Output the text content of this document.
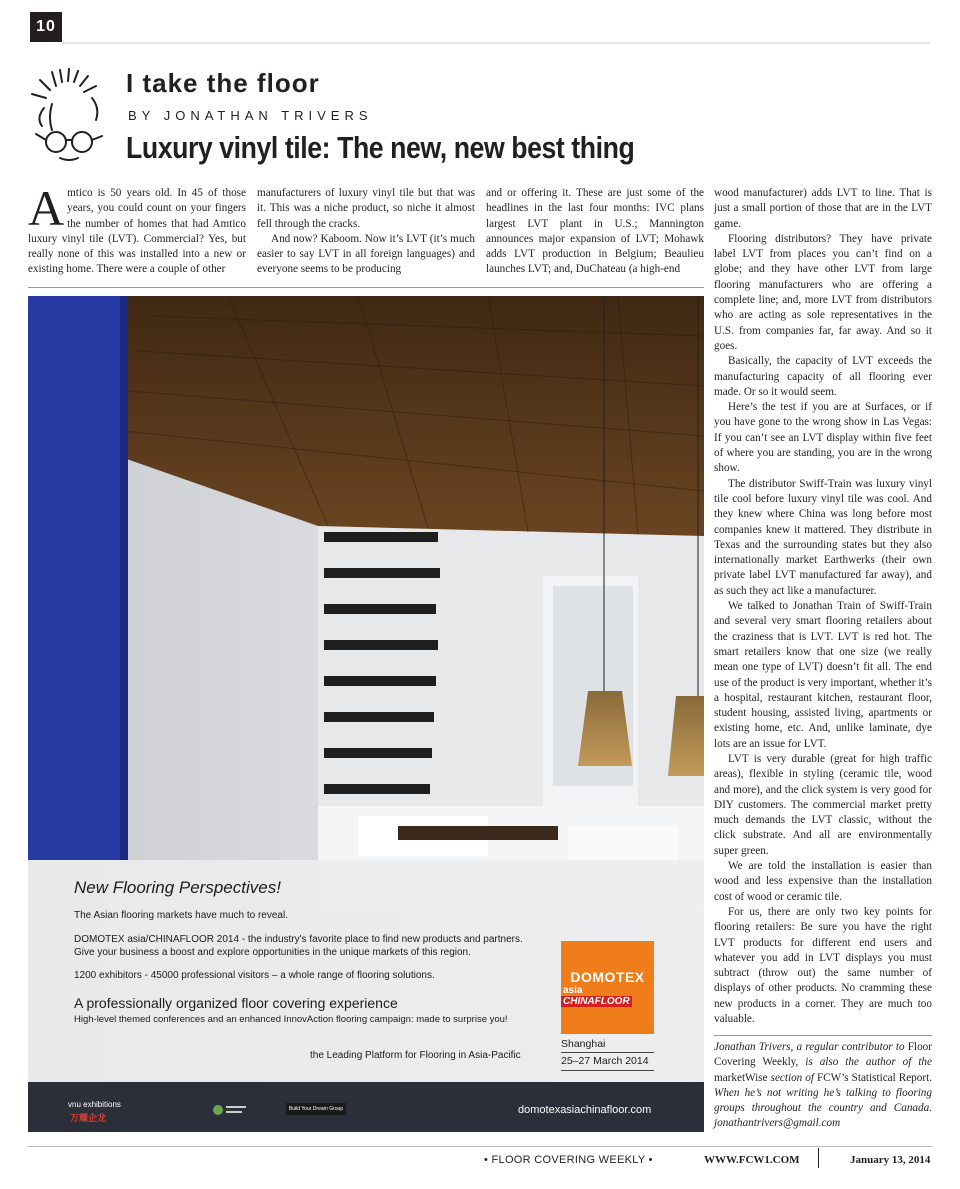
10
I take the floor
BY JONATHAN TRIVERS
Luxury vinyl tile: The new, new best thing

Amtico is 50 years old. In 45 of those years, you could count on your fingers the number of homes that had Amtico luxury vinyl tile (LVT). Commercial? Yes, but really none of this was installed into a new or existing home. There were a couple of other

manufacturers of luxury vinyl tile but that was it. This was a niche product, so niche it almost fell through the cracks.

And now? Kaboom. Now it’s LVT (it’s much easier to say LVT in all foreign languages) and everyone seems to be producing

and or offering it. These are just some of the headlines in the last four months: IVC plans largest LVT plant in U.S.; Mannington announces major expansion of LVT; Mohawk adds LVT production in Belgium; Beaulieu launches LVT; and, DuChateau (a high-end

wood manufacturer) adds LVT to line. That is just a small portion of those that are in the LVT game.

Flooring distributors? They have private label LVT from places you can’t find on a globe; and they have other LVT from large flooring manufacturers who are offering a complete line; and, more LVT from distributors who are acting as sole representatives in the U.S. from companies far, far away. And so it goes.

Basically, the capacity of LVT exceeds the manufacturing capacity of all flooring ever made. Or so it would seem.

Here’s the test if you are at Surfaces, or if you have gone to the wrong show in Las Vegas: If you can’t see an LVT display within five feet of where you are standing, you are in the wrong show.

The distributor Swiff-Train was luxury vinyl tile cool before luxury vinyl tile was cool. And they knew where China was long before most companies knew it mattered. They distribute in Texas and the surrounding states but they also internationally market Earthwerks (their own private label LVT manufactured far away), and as such they act like a manufacturer.

We talked to Jonathan Train of Swiff-Train and several very smart flooring retailers about the craziness that is LVT. LVT is red hot. The smart retailers know that one size (we really mean one type of LVT) doesn’t fit all. The end use of the product is very important, whether it’s a hospital, restaurant kitchen, restaurant floor, student housing, assisted living, apartments or existing home, etc. And, unlike laminate, dye lots are an issue for LVT.

LVT is very durable (great for high traffic areas), flexible in styling (ceramic tile, wood and more), and the click system is very good for DIY customers. The commercial market pretty much demands the LVT classic, without the click substrate. And all are environmentally super green.

We are told the installation is easier than wood and less expensive than the installation cost of wood or ceramic tile.

For us, there are only two key points for flooring retailers: Be sure you have the right LVT products for different end users and whatever you add in LVT displays you must subtract (throw out) the same number of displays of other products. No cramming these new products in a corner. They are much too valuable.

Jonathan Trivers, a regular contributor to Floor Covering Weekly, is also the author of the marketWise section of FCW’s Statistical Report. When he’s not writing he’s talking to flooring groups throughout the country and Canada. jonathantrivers@gmail.com
New Flooring Perspectives!
The Asian flooring markets have much to reveal.
DOMOTEX asia/CHINAFLOOR 2014 - the industry's favorite place to find new products and partners.
Give your business a boost and explore opportunities in the unique markets of this region.
1200 exhibitors - 45000 professional visitors – a whole range of flooring solutions.
A professionally organized floor covering experience
High-level themed conferences and an enhanced InnovAction flooring campaign: made to surprise you!
the Leading Platform for Flooring in Asia-Pacific
DOMOTEX
asia CHINAFLOOR
Shanghai
25–27 March 2014
vnu exhibitions
万耀企龙
Build Your Dream Group	domotexasiachinafloor.com
• FLOOR COVERING WEEKLY •	WWW.FCW1.COM	January 13, 2014
